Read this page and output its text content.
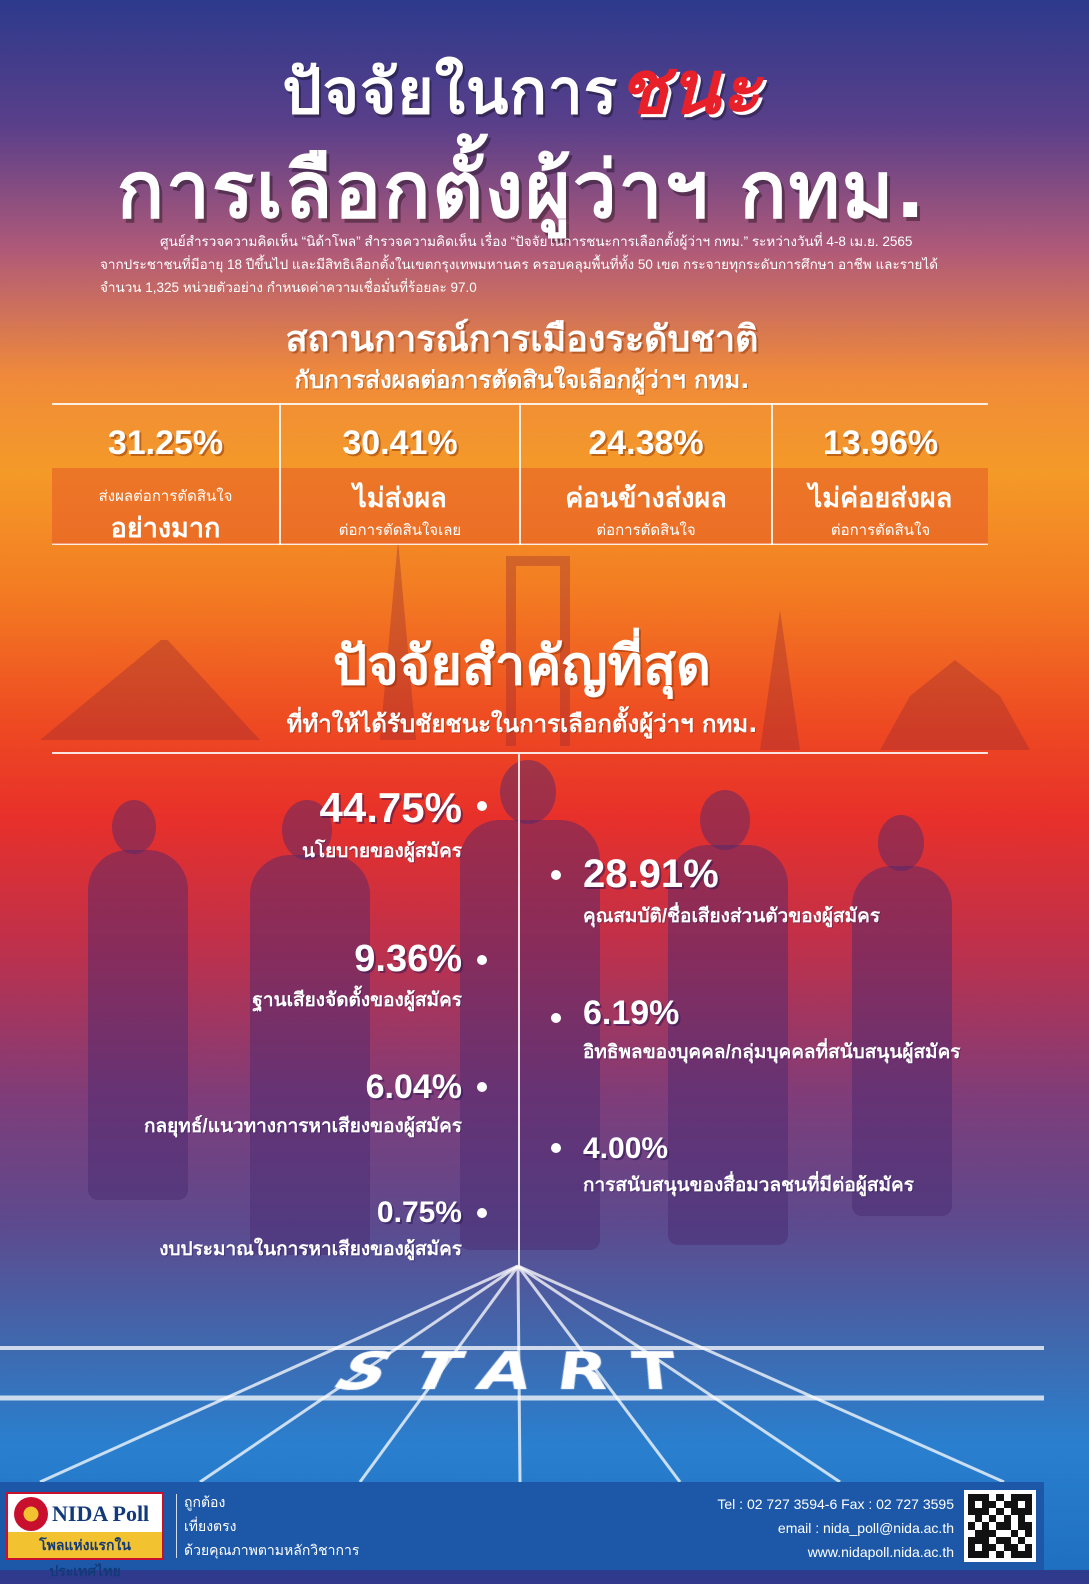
ปัจจัยในการชนะ
การเลือกตั้งผู้ว่าฯ กทม.
ศูนย์สำรวจความคิดเห็น “นิด้าโพล” สำรวจความคิดเห็น เรื่อง “ปัจจัยในการชนะการเลือกตั้งผู้ว่าฯ กทม.” ระหว่างวันที่ 4-8 เม.ย. 2565
จากประชาชนที่มีอายุ 18 ปีขึ้นไป และมีสิทธิเลือกตั้งในเขตกรุงเทพมหานคร ครอบคลุมพื้นที่ทั้ง 50 เขต กระจายทุกระดับการศึกษา อาชีพ และรายได้
จำนวน 1,325 หน่วยตัวอย่าง กำหนดค่าความเชื่อมั่นที่ร้อยละ 97.0
สถานการณ์การเมืองระดับชาติ
กับการส่งผลต่อการตัดสินใจเลือกผู้ว่าฯ กทม.
31.25%
ส่งผลต่อการตัดสินใจ
อย่างมาก
30.41%
ไม่ส่งผล
ต่อการตัดสินใจเลย
24.38%
ค่อนข้างส่งผล
ต่อการตัดสินใจ
13.96%
ไม่ค่อยส่งผล
ต่อการตัดสินใจ
ปัจจัยสำคัญที่สุด
ที่ทำให้ได้รับชัยชนะในการเลือกตั้งผู้ว่าฯ กทม.
44.75%
นโยบายของผู้สมัคร
9.36%
ฐานเสียงจัดตั้งของผู้สมัคร
6.04%
กลยุทธ์/แนวทางการหาเสียงของผู้สมัคร
0.75%
งบประมาณในการหาเสียงของผู้สมัคร
28.91%
คุณสมบัติ/ชื่อเสียงส่วนตัวของผู้สมัคร
6.19%
อิทธิพลของบุคคล/กลุ่มบุคคลที่สนับสนุนผู้สมัคร
4.00%
การสนับสนุนของสื่อมวลชนที่มีต่อผู้สมัคร
START
NIDA Poll
โพลแห่งแรกในประเทศไทย
ถูกต้อง
เที่ยงตรง
ด้วยคุณภาพตามหลักวิชาการ
Tel : 02 727 3594-6 Fax : 02 727 3595
email : nida_poll@nida.ac.th
www.nidapoll.nida.ac.th
